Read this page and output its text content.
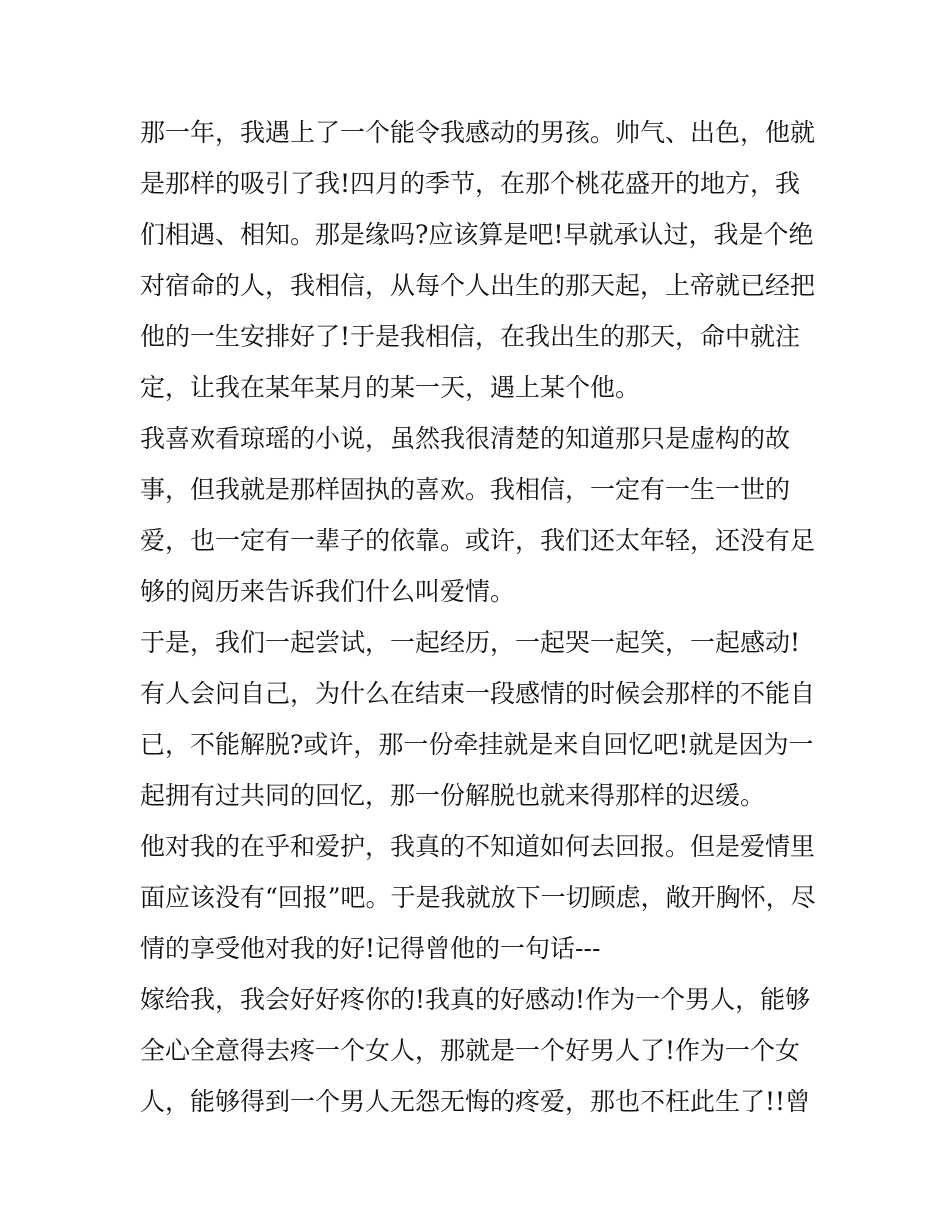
那一年，我遇上了一个能令我感动的男孩。帅气、出色，他就
是那样的吸引了我!四月的季节，在那个桃花盛开的地方，我
们相遇、相知。那是缘吗?应该算是吧!早就承认过，我是个绝
对宿命的人，我相信，从每个人出生的那天起，上帝就已经把
他的一生安排好了!于是我相信，在我出生的那天，命中就注
定，让我在某年某月的某一天，遇上某个他。
我喜欢看琼瑶的小说，虽然我很清楚的知道那只是虚构的故
事，但我就是那样固执的喜欢。我相信，一定有一生一世的
爱，也一定有一辈子的依靠。或许，我们还太年轻，还没有足
够的阅历来告诉我们什么叫爱情。
于是，我们一起尝试，一起经历，一起哭一起笑，一起感动!
有人会问自己，为什么在结束一段感情的时候会那样的不能自
已，不能解脱?或许，那一份牵挂就是来自回忆吧!就是因为一
起拥有过共同的回忆，那一份解脱也就来得那样的迟缓。
他对我的在乎和爱护，我真的不知道如何去回报。但是爱情里
面应该没有“回报”吧。于是我就放下一切顾虑，敞开胸怀，尽
情的享受他对我的好!记得曾他的一句话---
嫁给我，我会好好疼你的!我真的好感动!作为一个男人，能够
全心全意得去疼一个女人，那就是一个好男人了!作为一个女
人，能够得到一个男人无怨无悔的疼爱，那也不枉此生了!!曾
